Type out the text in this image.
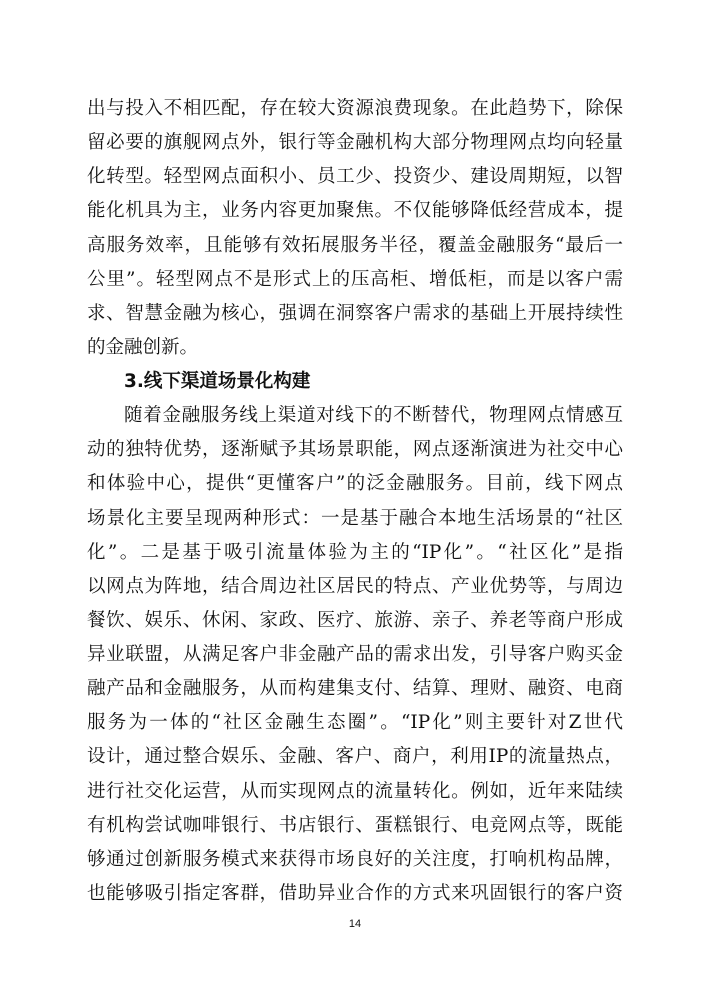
出与投入不相匹配，存在较大资源浪费现象。在此趋势下，除保
留必要的旗舰网点外，银行等金融机构大部分物理网点均向轻量
化转型。轻型网点面积小、员工少、投资少、建设周期短，以智
能化机具为主，业务内容更加聚焦。不仅能够降低经营成本，提
高服务效率，且能够有效拓展服务半径，覆盖金融服务“最后一
公里”。轻型网点不是形式上的压高柜、增低柜，而是以客户需
求、智慧金融为核心，强调在洞察客户需求的基础上开展持续性
的金融创新。
3.线下渠道场景化构建
随着金融服务线上渠道对线下的不断替代，物理网点情感互
动的独特优势，逐渐赋予其场景职能，网点逐渐演进为社交中心
和体验中心，提供“更懂客户”的泛金融服务。目前，线下网点
场景化主要呈现两种形式：一是基于融合本地生活场景的“社区
化”。二是基于吸引流量体验为主的“IP化”。“社区化”是指
以网点为阵地，结合周边社区居民的特点、产业优势等，与周边
餐饮、娱乐、休闲、家政、医疗、旅游、亲子、养老等商户形成
异业联盟，从满足客户非金融产品的需求出发，引导客户购买金
融产品和金融服务，从而构建集支付、结算、理财、融资、电商
服务为一体的“社区金融生态圈”。“IP化”则主要针对Z世代
设计，通过整合娱乐、金融、客户、商户，利用IP的流量热点，
进行社交化运营，从而实现网点的流量转化。例如，近年来陆续
有机构尝试咖啡银行、书店银行、蛋糕银行、电竞网点等，既能
够通过创新服务模式来获得市场良好的关注度，打响机构品牌，
也能够吸引指定客群，借助异业合作的方式来巩固银行的客户资
14
